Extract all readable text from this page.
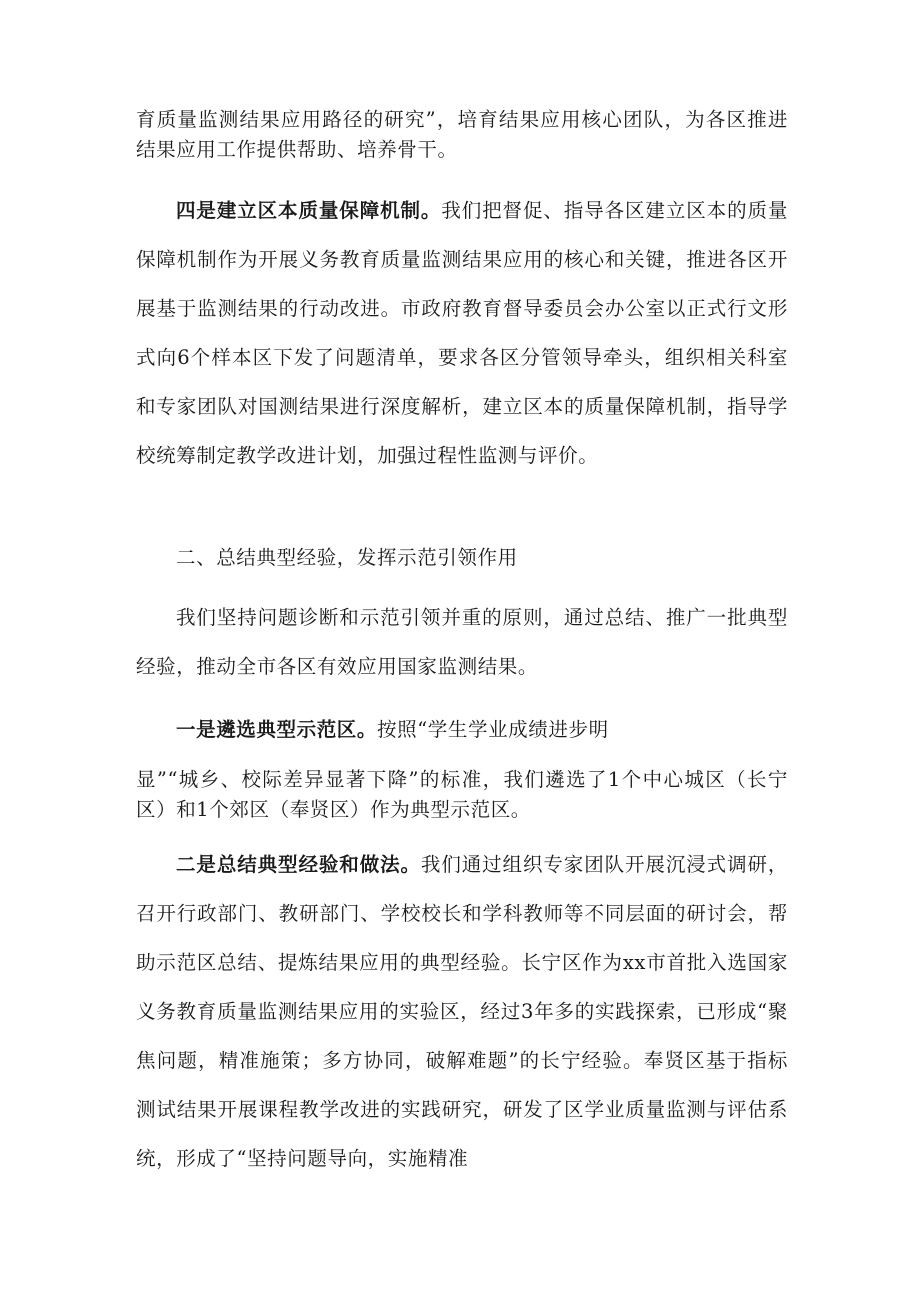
育质量监测结果应用路径的研究”，培育结果应用核心团队，为各区推进结果应用工作提供帮助、培养骨干。

四是建立区本质量保障机制。我们把督促、指导各区建立区本的质量保障机制作为开展义务教育质量监测结果应用的核心和关键，推进各区开展基于监测结果的行动改进。市政府教育督导委员会办公室以正式行文形式向6个样本区下发了问题清单，要求各区分管领导牵头，组织相关科室和专家团队对国测结果进行深度解析，建立区本的质量保障机制，指导学校统筹制定教学改进计划，加强过程性监测与评价。

二、总结典型经验，发挥示范引领作用

我们坚持问题诊断和示范引领并重的原则，通过总结、推广一批典型经验，推动全市各区有效应用国家监测结果。

一是遴选典型示范区。按照“学生学业成绩进步明

显”“城乡、校际差异显著下降”的标准，我们遴选了1个中心城区（长宁区）和1个郊区（奉贤区）作为典型示范区。

二是总结典型经验和做法。我们通过组织专家团队开展沉浸式调研，召开行政部门、教研部门、学校校长和学科教师等不同层面的研讨会，帮助示范区总结、提炼结果应用的典型经验。长宁区作为xx市首批入选国家义务教育质量监测结果应用的实验区，经过3年多的实践探索，已形成“聚焦问题，精准施策；多方协同，破解难题”的长宁经验。奉贤区基于指标测试结果开展课程教学改进的实践研究，研发了区学业质量监测与评估系统，形成了“坚持问题导向，实施精准
